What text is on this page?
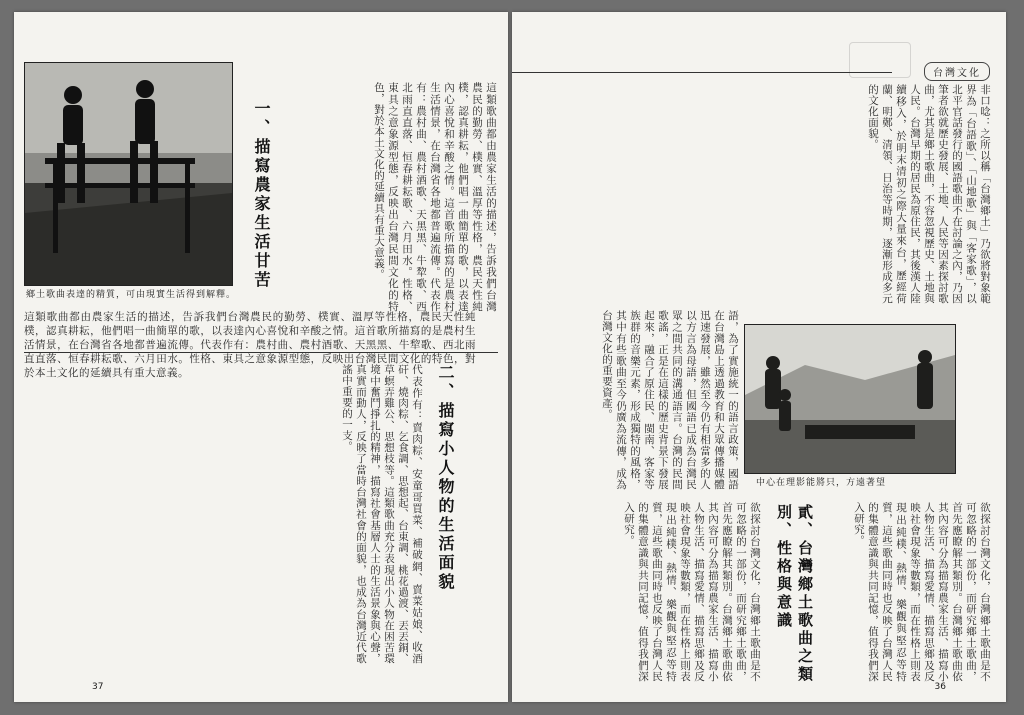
鄉土歌曲表達的精質，可由現實生活得到解釋。
一、描寫農家生活甘苦
這類歌曲都由農家生活的描述，告訴我們台灣農民的勤勞、樸實、溫厚等性格，農民天性純樸，認真耕耘，他們唱一曲簡單的歌，以表達內心喜悅和辛酸之情。這首歌所描寫的是農村生活情景，在台灣省各地都普遍流傳。代表作有：農村曲、農村酒歌、天黑黑、牛犂歌、西北雨直直落、恒春耕耘歌、六月田水。性格、東具之意象源型態，反映出台灣民間文化的特色，對於本土文化的延續具有重大意義。
這類歌曲都由農家生活的描述，告訴我們台灣農民的勤勞、樸實、溫厚等性格，農民天性純樸，認真耕耘，他們唱一曲簡單的歌，以表達內心喜悅和辛酸之情。這首歌所描寫的是農村生活情景，在台灣省各地都普遍流傳。代表作有：農村曲、農村酒歌、天黑黑、牛犂歌、西北雨直直落、恒春耕耘歌、六月田水。性格、東具之意象源型態，反映出台灣民間文化的特色，對於本土文化的延續具有重大意義。
二、描寫小人物的生活面貌
代表作有：賣肉粽、安童哥買菜、補破網、賣菜姑娘、收酒矸、燒肉粽、乞食調、思想起、台東調、桃花過渡、丟丟銅、草螟弄雞公、思想枝等。這類歌曲充分表現出小人物在困苦環境中奮鬥掙扎的精神，描寫社會基層人士的生活景象與心聲，真實而動人，反映了當時台灣社會的面貌，也成為台灣近代歌謠中重要的一支。
37
台灣文化
非口唸：之所以稱「台灣鄉土」乃欲將對象範界為「台語歌」、「山地歌」與「客家歌」，以北平官話發行的國語歌曲不在討論之內，乃因筆者欲就歷史發展、土地、人民等因素探討歌曲，尤其是鄉土歌曲，不容忽視歷史、土地與人民。台灣早期的居民為原住民，其後漢人陸續移入，於明末清初之際大量來台，歷經荷蘭、明鄭、清領、日治等時期，逐漸形成多元的文化面貌。
語，為了實施統一的語言政策，國語在台灣島上透過教育和大眾傳播媒體迅速發展，雖然至今仍有相當多的人以方言為母語，但國語已成為台灣民眾之間共同的溝通語言。台灣的民間歌謠，正是在這樣的歷史背景下發展起來，融合了原住民、閩南、客家等族群的音樂元素，形成獨特的風格，其中有些歌曲至今仍廣為流傳，成為台灣文化的重要資產。
中心在理影能將只，方遠著望
貳、台灣鄉土歌曲之類別、性格與意識
欲探討台灣文化，台灣鄉土歌曲是不可忽略的一部份，而研究鄉土歌曲，首先應瞭解其類別。台灣鄉土歌曲依其內容可分為描寫農家生活、描寫小人物生活、描寫愛情、描寫思鄉及反映社會現象等數類，而在性格上則表現出純樸、熱情、樂觀與堅忍等特質，這些歌曲同時也反映了台灣人民的集體意識與共同記憶，值得我們深入研究。	欲探討台灣文化，台灣鄉土歌曲是不可忽略的一部份，而研究鄉土歌曲，首先應瞭解其類別。台灣鄉土歌曲依其內容可分為描寫農家生活、描寫小人物生活、描寫愛情、描寫思鄉及反映社會現象等數類，而在性格上則表現出純樸、熱情、樂觀與堅忍等特質，這些歌曲同時也反映了台灣人民的集體意識與共同記憶，值得我們深入研究。
36
